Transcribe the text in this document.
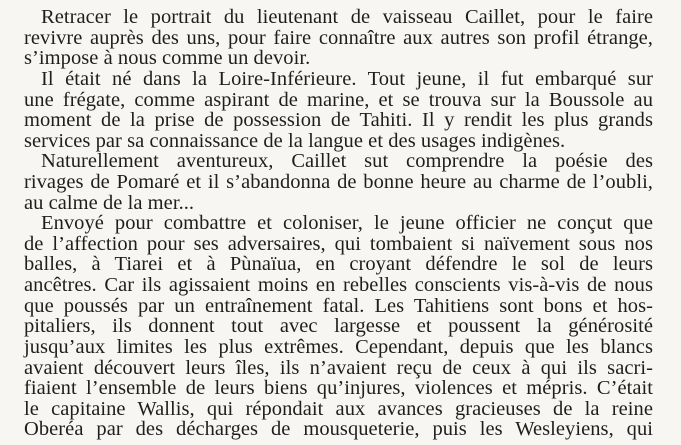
Retracer le portrait du lieutenant de vaisseau Caillet, pour le faire
revivre auprès des uns, pour faire connaître aux autres son profil étrange,
s’impose à nous comme un devoir.
Il était né dans la Loire-Inférieure. Tout jeune, il fut embarqué sur
une frégate, comme aspirant de marine, et se trouva sur la Boussole au
moment de la prise de possession de Tahiti. Il y rendit les plus grands
services par sa connaissance de la langue et des usages indigènes.
Naturellement aventureux, Caillet sut comprendre la poésie des
rivages de Pomaré et il s’abandonna de bonne heure au charme de l’oubli,
au calme de la mer...
Envoyé pour combattre et coloniser, le jeune officier ne conçut que
de l’affection pour ses adversaires, qui tombaient si naïvement sous nos
balles, à Tiarei et à Pùnaïua, en croyant défendre le sol de leurs
ancêtres. Car ils agissaient moins en rebelles conscients vis-à-vis de nous
que poussés par un entraînement fatal. Les Tahitiens sont bons et hos-
pitaliers, ils donnent tout avec largesse et poussent la générosité
jusqu’aux limites les plus extrêmes. Cependant, depuis que les blancs
avaient découvert leurs îles, ils n’avaient reçu de ceux à qui ils sacri-
fiaient l’ensemble de leurs biens qu’injures, violences et mépris. C’était
le capitaine Wallis, qui répondait aux avances gracieuses de la reine
Oberéa par des décharges de mousqueterie, puis les Wesleyiens, qui
